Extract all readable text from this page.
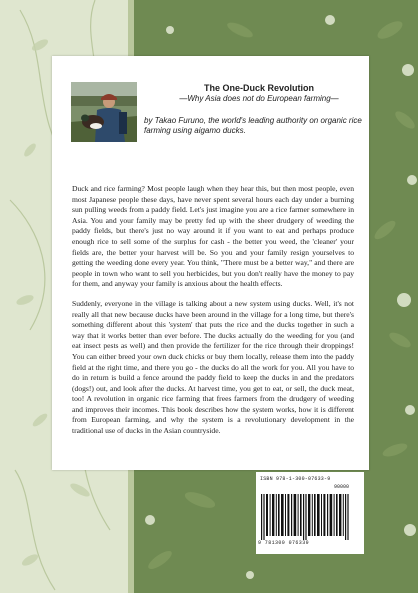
The One-Duck Revolution

—Why Asia does not do European farming—

by Takao Furuno, the world's leading authority on organic rice farming using aigamo ducks.

Duck and rice farming? Most people laugh when they hear this, but then most people, even most Japanese people these days, have never spent several hours each day under a burning sun pulling weeds from a paddy field. Let's just imagine you are a rice farmer somewhere in Asia. You and your family may be pretty fed up with the sheer drudgery of weeding the paddy fields, but there's just no way around it if you want to eat and perhaps produce enough rice to sell some of the surplus for cash - the better you weed, the 'cleaner' your fields are, the better your harvest will be. So you and your family resign yourselves to getting the weeding done every year. You think, "There must be a better way," and there are people in town who want to sell you herbicides, but you don't really have the money to pay for them, and anyway your family is anxious about the health effects.

Suddenly, everyone in the village is talking about a new system using ducks. Well, it's not really all that new because ducks have been around in the village for a long time, but there's something different about this 'system' that puts the rice and the ducks together in such a way that it works better than ever before. The ducks actually do the weeding for you (and eat insect pests as well) and then provide the fertilizer for the rice through their droppings! You can either breed your own duck chicks or buy them locally, release them into the paddy field at the right time, and there you go - the ducks do all the work for you. All you have to do in return is build a fence around the paddy field to keep the ducks in and the predators (dogs!) out, and look after the ducks. At harvest time, you get to eat, or sell, the duck meat, too! A revolution in organic rice farming that frees farmers from the drudgery of weeding and improves their incomes. This book describes how the system works, how it is different from European farming, and why the system is a revolutionary development in the traditional use of ducks in the Asian countryside.

ISBN 978-1-300-07633-9
90000
9 781300 076339
